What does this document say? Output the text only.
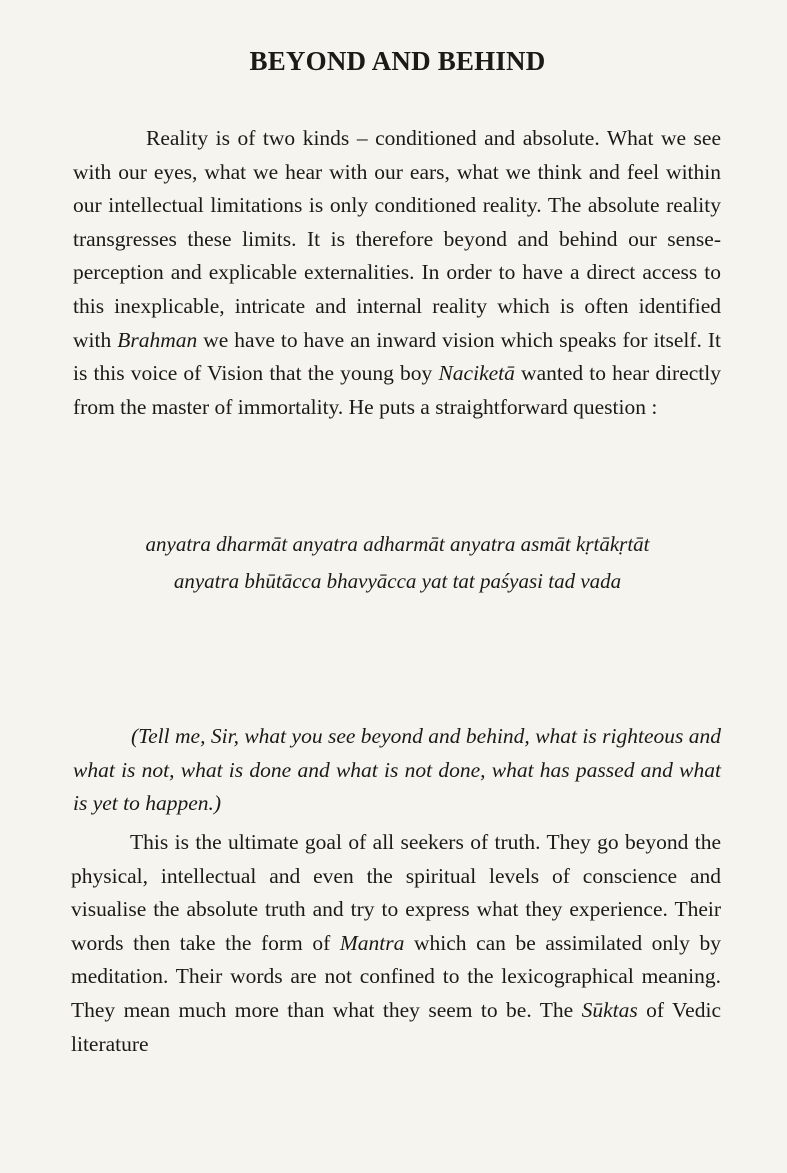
BEYOND AND BEHIND

Reality is of two kinds – conditioned and absolute. What we see with our eyes, what we hear with our ears, what we think and feel within our intellectual limitations is only conditioned reality. The absolute reality transgresses these limits. It is therefore beyond and behind our sense-perception and explicable externalities. In order to have a direct access to this inexplicable, intricate and internal reality which is often identified with Brahman we have to have an inward vision which speaks for itself. It is this voice of Vision that the young boy Naciketā wanted to hear directly from the master of immortality. He puts a straightforward question :

anyatra dharmāt anyatra adharmāt anyatra asmāt kṛtākṛtāt

anyatra bhūtācca bhavyācca yat tat paśyasi tad vada

(Tell me, Sir, what you see beyond and behind, what is righteous and what is not, what is done and what is not done, what has passed and what is yet to happen.)

This is the ultimate goal of all seekers of truth. They go beyond the physical, intellectual and even the spiritual levels of conscience and visualise the absolute truth and try to express what they experience. Their words then take the form of Mantra which can be assimilated only by meditation. Their words are not confined to the lexicographical meaning. They mean much more than what they seem to be. The Sūktas of Vedic literature
